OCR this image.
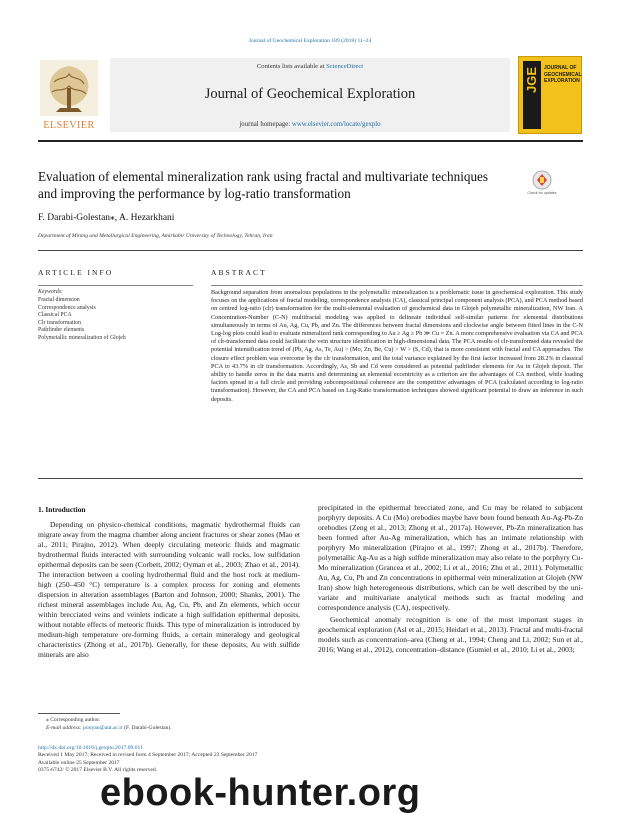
Journal of Geochemical Exploration 189 (2018) 11–24
ELSEVIER
Contents lists available at ScienceDirect
Journal of Geochemical Exploration
journal homepage: www.elsevier.com/locate/gexplo
JGE JOURNAL OF
GEOCHEMICAL
EXPLORATION
Evaluation of elemental mineralization rank using fractal and multivariate techniques and improving the performance by log-ratio transformation	Check for updates
F. Darabi-Golestan⁎, A. Hezarkhani
Department of Mining and Metallurgical Engineering, Amirkabir University of Technology, Tehran, Iran
ARTICLE INFO
Keywords:
Fractal dimension
Correspondence analysis
Classical PCA
Clr transformation
Pathfinder elements
Polymetallic mineralization of Glojeh
ABSTRACT
Background separation from anomalous populations in the polymetallic mineralization is a problematic issue in geochemical exploration. This study focuses on the applications of fractal modeling, correspondence analysis (CA), classical principal component analysis (PCA), and PCA method based on centred log-ratio (clr) transformation for the multi-elemental evaluation of geochemical data in Glojeh polymetallic mineralization, NW Iran. A Concentration-Number (C-N) multifractal modeling was applied to delineate individual self-similar patterns for elemental distributions simultaneously in terms of Au, Ag, Cu, Pb, and Zn. The differences between fractal dimensions and clockwise angle between fitted lines in the C-N Log-log plots could lead to evaluate mineralized rank corresponding to Au ≥ Ag ≥ Pb ≫ Cu = Zn. A more comprehensive evaluation via CA and PCA of clr-transformed data could facilitate the vein structure identification in high-dimensional data. The PCA results of clr-transformed data revealed the potential intensification trend of (Pb, Ag, As, Te, Au) > (Mo, Zn, Be, Cu) > W > (S, Cd), that is more consistent with fractal and CA approaches. The closure effect problem was overcome by the clr transformation, and the total variance explained by the first factor increased from 28.2% in classical PCA to 43.7% in clr transformation. Accordingly, As, Sb and Cd were considered as potential pathfinder elements for Au in Glojeh deposit. The ability to handle zeros in the data matrix and determining an elemental eccentricity as a criterion are the advantages of CA method, while loading factors spread in a full circle and providing subcompositional coherence are the competitive advantages of PCA (calculated according to log-ratio transformation). However, the CA and PCA based on Log-Ratio transformation techniques showed significant potential to draw an inference in such deposits.
1. Introduction

Depending on physico-chemical conditions, magmatic hydrothermal fluids can migrate away from the magma chamber along ancient fractures or shear zones (Mao et al., 2011; Pirajno, 2012). When deeply circulating meteoric fluids and magmatic hydrothermal fluids interacted with surrounding volcanic wall rocks, low sulfidation epithermal deposits can be seen (Corbett, 2002; Oyman et al., 2003; Zhao et al., 2014). The interaction between a cooling hydrothermal fluid and the host rock at medium-high (250–450 °C) temperature is a complex process for zoning and elements dispersion in alteration assemblages (Barton and Johnson, 2000; Shanks, 2001). The richest mineral assemblages include Au, Ag, Cu, Pb, and Zn elements, which occur within brecciated veins and veinlets indicate a high sulfidation epithermal deposits, without notable effects of meteoric fluids. This type of mineralization is introduced by medium-high temperature ore-forming fluids, a certain mineralogy and geological characteristics (Zhong et al., 2017b). Generally, for these deposits, Au with sulfide minerals are also

precipitated in the epithermal brecciated zone, and Cu may be related to subjacent porphyry deposits. A Cu (Mo) orebodies maybe have been found beneath Au-Ag-Pb-Zn orebodies (Zeng et al., 2013; Zhong et al., 2017a). However, Pb-Zn mineralization has been formed after Au-Ag mineralization, which has an intimate relationship with porphyry Mo mineralization (Pirajno et al., 1997; Zhong et al., 2017b). Therefore, polymetallic Ag-Au as a high sulfide mineralization may also relate to the porphyry Cu-Mo mineralization (Grancea et al., 2002; Li et al., 2016; Zhu et al., 2011). Polymetallic Au, Ag, Cu, Pb and Zn concentrations in epithermal vein mineralization at Glojeh (NW Iran) show high heterogeneous distributions, which can be well described by the uni-variate and multivariate analytical methods such as fractal modeling and correspondence analysis (CA), respectively.

Geochemical anomaly recognition is one of the most important stages in geochemical exploration (Asl et al., 2015; Heidari et al., 2013). Fractal and multi-fractal models such as concentration–area (Cheng et al., 1994; Cheng and Li, 2002; Sun et al., 2016; Wang et al., 2012), concentration–distance (Gumiel et al., 2010; Li et al., 2003;

⁎ Corresponding author.
E-mail address: pouyan@aut.ac.ir (F. Darabi-Golestan).
http://dx.doi.org/10.1016/j.gexplo.2017.09.011
Received 1 May 2017; Received in revised form 4 September 2017; Accepted 23 September 2017
Available online 25 September 2017
0375-6742/ © 2017 Elsevier B.V. All rights reserved.
ebook-hunter.org
